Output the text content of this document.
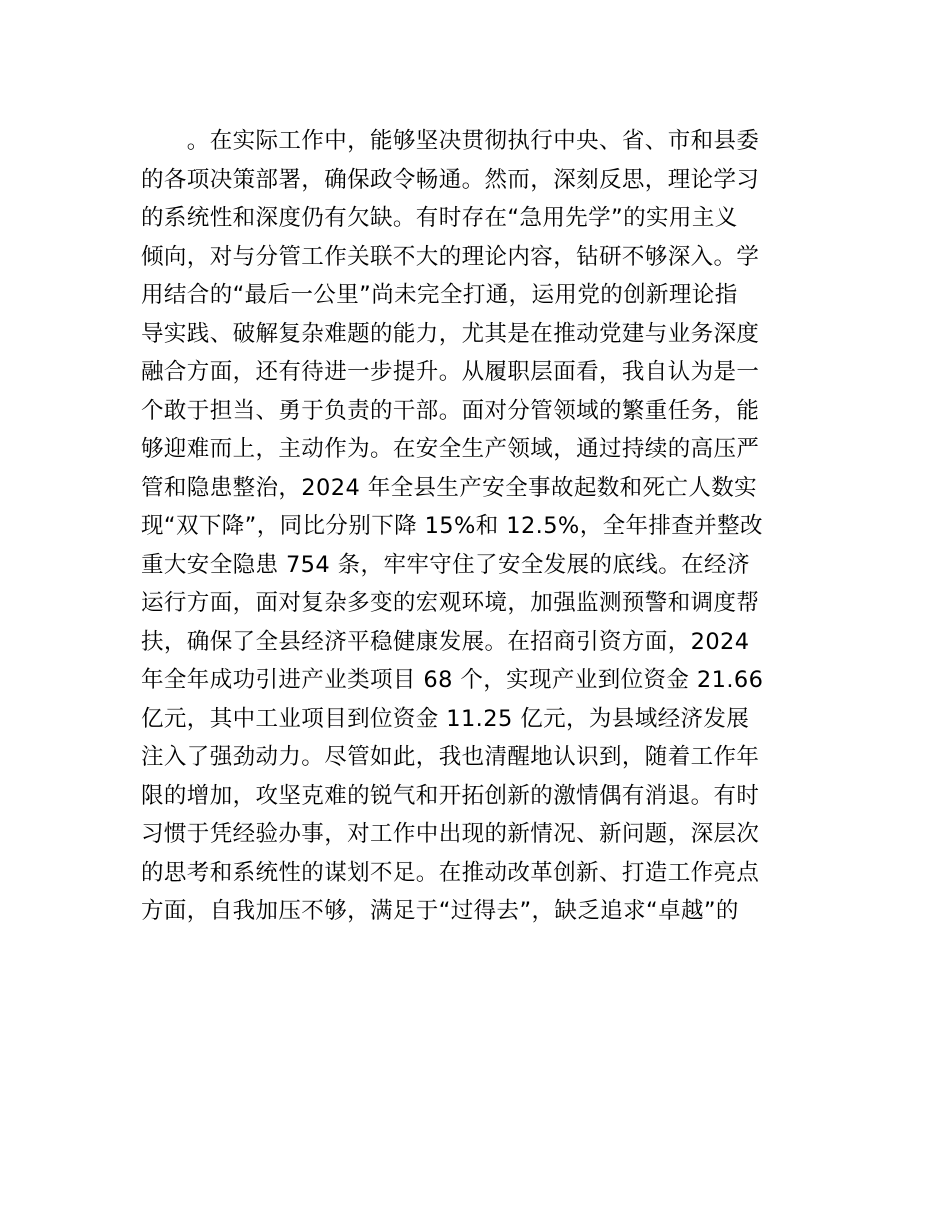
　　。在实际工作中，能够坚决贯彻执行中央、省、市和县委
的各项决策部署，确保政令畅通。然而，深刻反思，理论学习
的系统性和深度仍有欠缺。有时存在“急用先学”的实用主义
倾向，对与分管工作关联不大的理论内容，钻研不够深入。学
用结合的“最后一公里”尚未完全打通，运用党的创新理论指
导实践、破解复杂难题的能力，尤其是在推动党建与业务深度
融合方面，还有待进一步提升。从履职层面看，我自认为是一
个敢于担当、勇于负责的干部。面对分管领域的繁重任务，能
够迎难而上，主动作为。在安全生产领域，通过持续的高压严
管和隐患整治，2024 年全县生产安全事故起数和死亡人数实
现“双下降”，同比分别下降 15%和 12.5%，全年排查并整改
重大安全隐患 754 条，牢牢守住了安全发展的底线。在经济
运行方面，面对复杂多变的宏观环境，加强监测预警和调度帮
扶，确保了全县经济平稳健康发展。在招商引资方面，2024
年全年成功引进产业类项目 68 个，实现产业到位资金 21.66
亿元，其中工业项目到位资金 11.25 亿元，为县域经济发展
注入了强劲动力。尽管如此，我也清醒地认识到，随着工作年
限的增加，攻坚克难的锐气和开拓创新的激情偶有消退。有时
习惯于凭经验办事，对工作中出现的新情况、新问题，深层次
的思考和系统性的谋划不足。在推动改革创新、打造工作亮点
方面，自我加压不够，满足于“过得去”，缺乏追求“卓越”的
